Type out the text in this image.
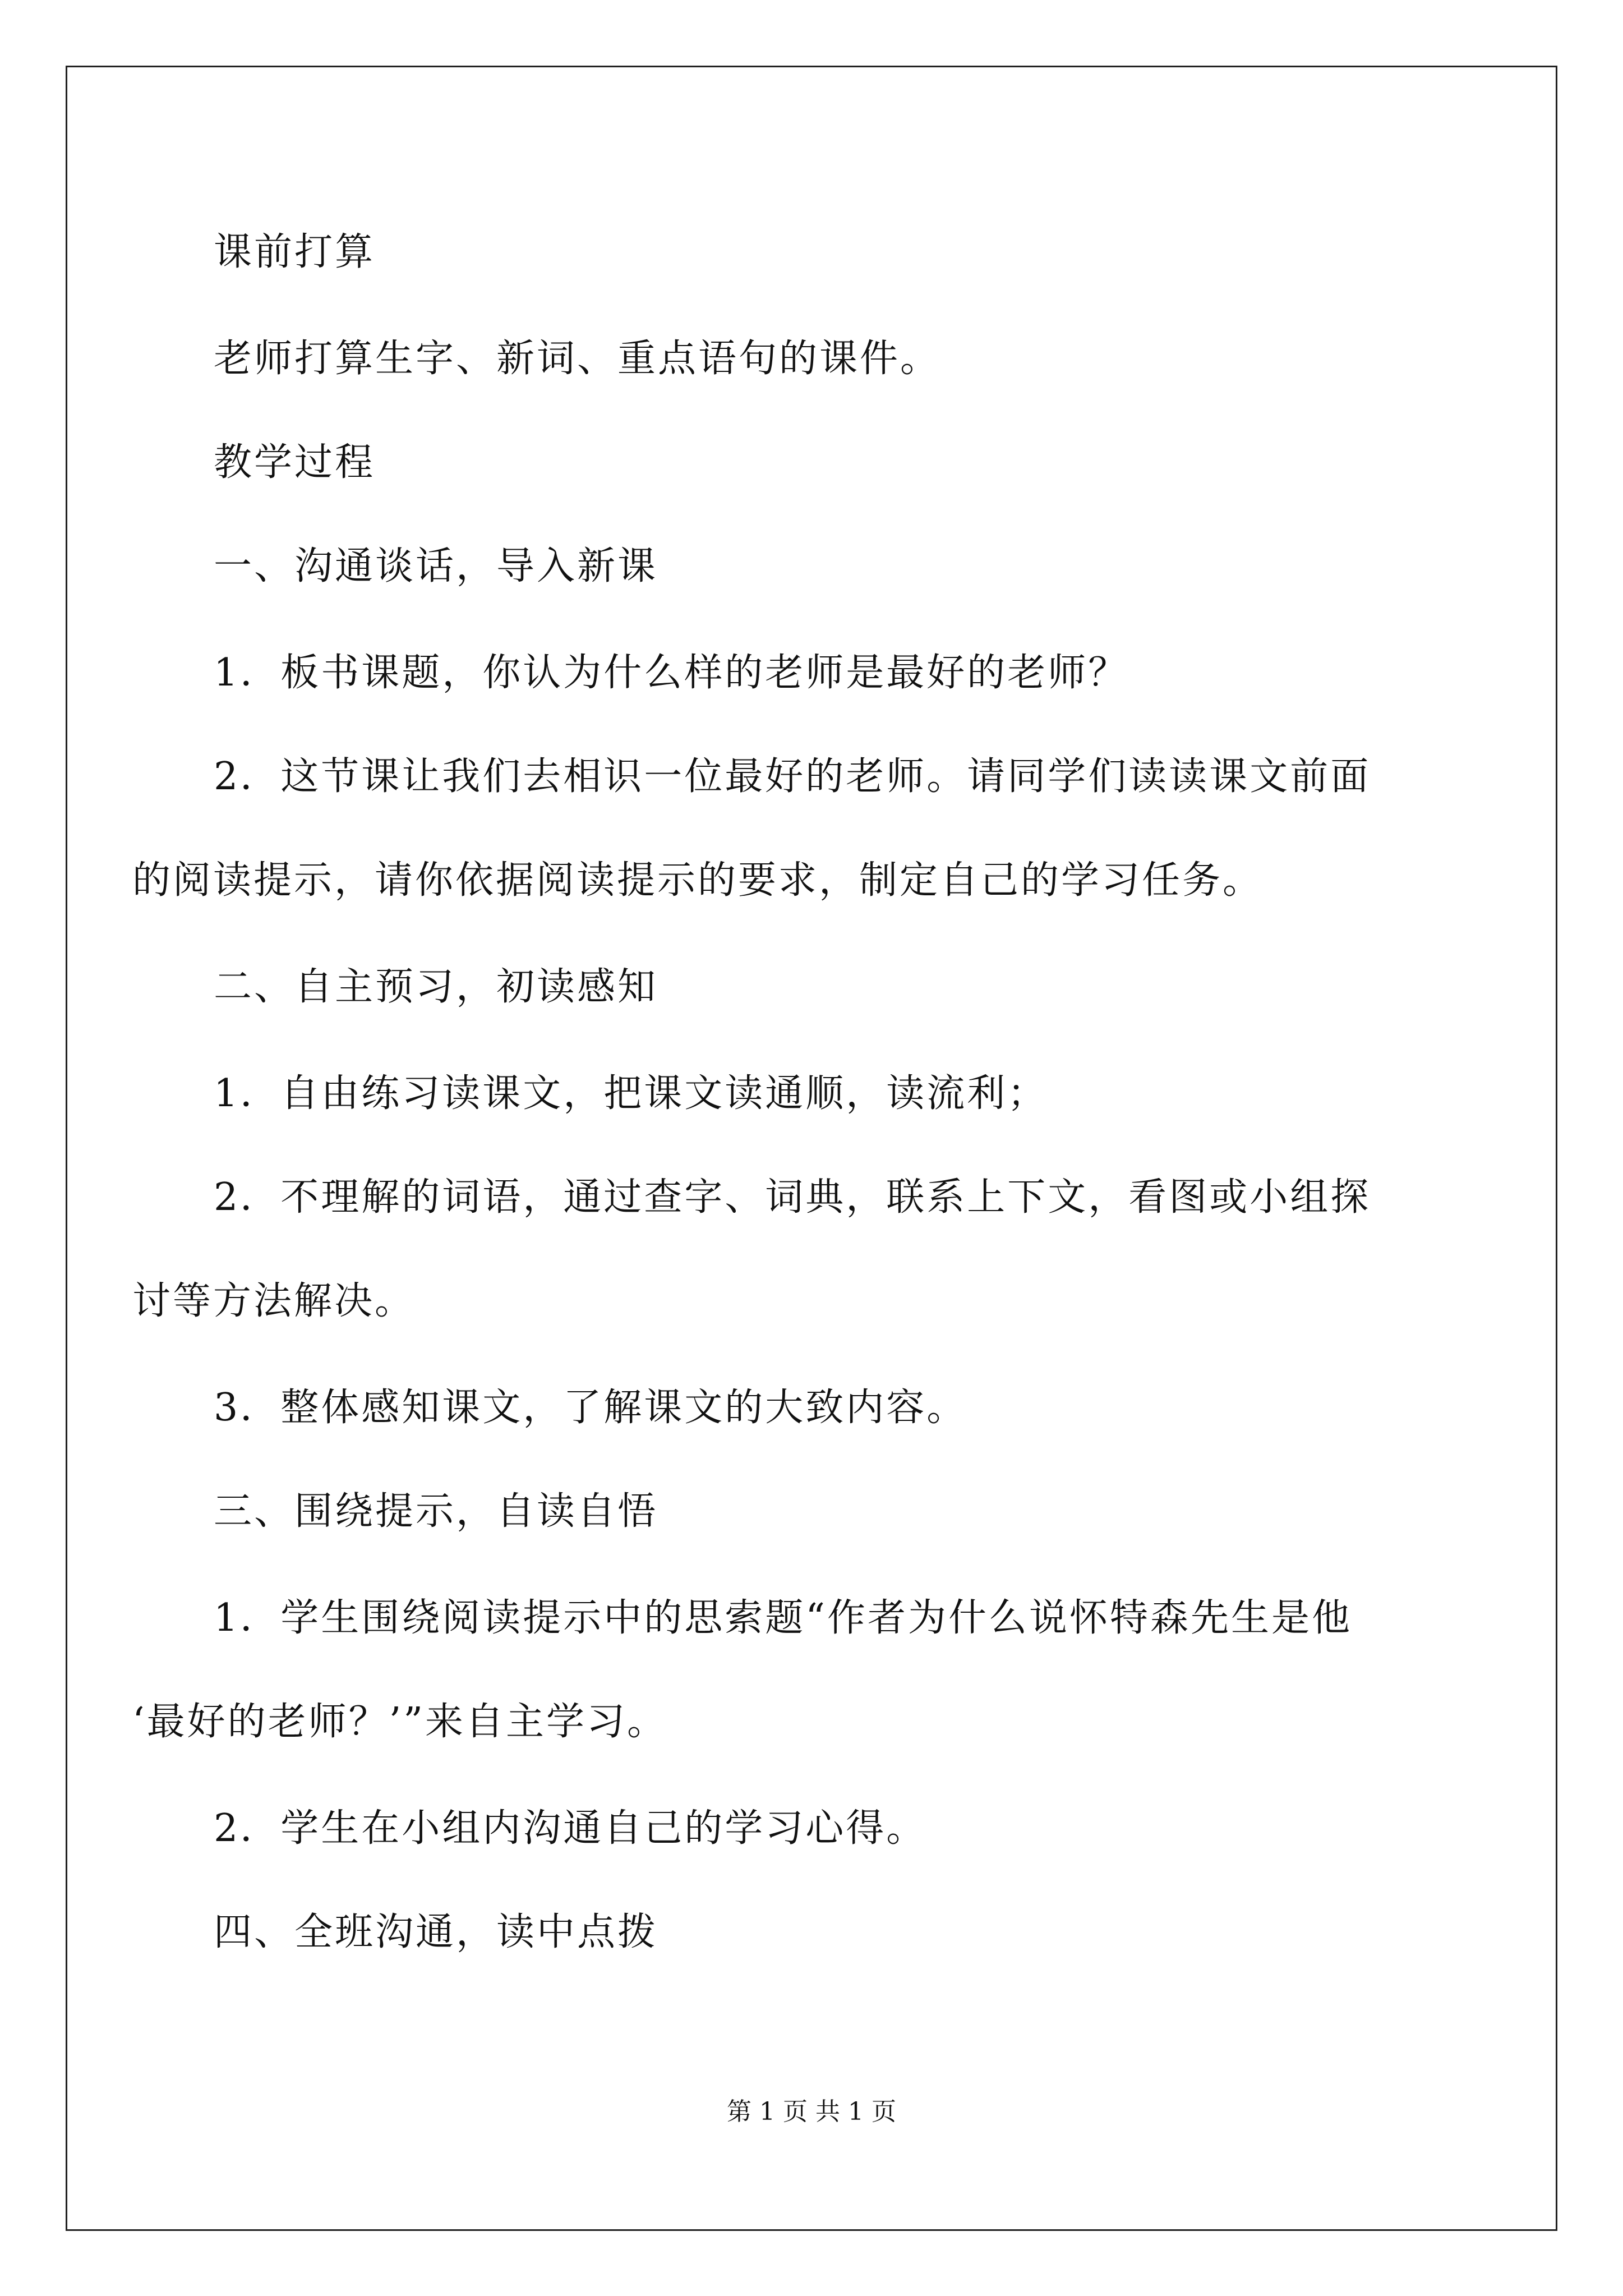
课前打算
老师打算生字、新词、重点语句的课件。
教学过程
一、沟通谈话，导入新课
1．板书课题，你认为什么样的老师是最好的老师？
2．这节课让我们去相识一位最好的老师。请同学们读读课文前面
的阅读提示，请你依据阅读提示的要求，制定自己的学习任务。
二、自主预习，初读感知
1．自由练习读课文，把课文读通顺，读流利；
2．不理解的词语，通过查字、词典，联系上下文，看图或小组探
讨等方法解决。
3．整体感知课文，了解课文的大致内容。
三、围绕提示，自读自悟
1．学生围绕阅读提示中的思索题“作者为什么说怀特森先生是他
‘最好的老师？’”来自主学习。
2．学生在小组内沟通自己的学习心得。
四、全班沟通，读中点拨
第 1 页 共 1 页
